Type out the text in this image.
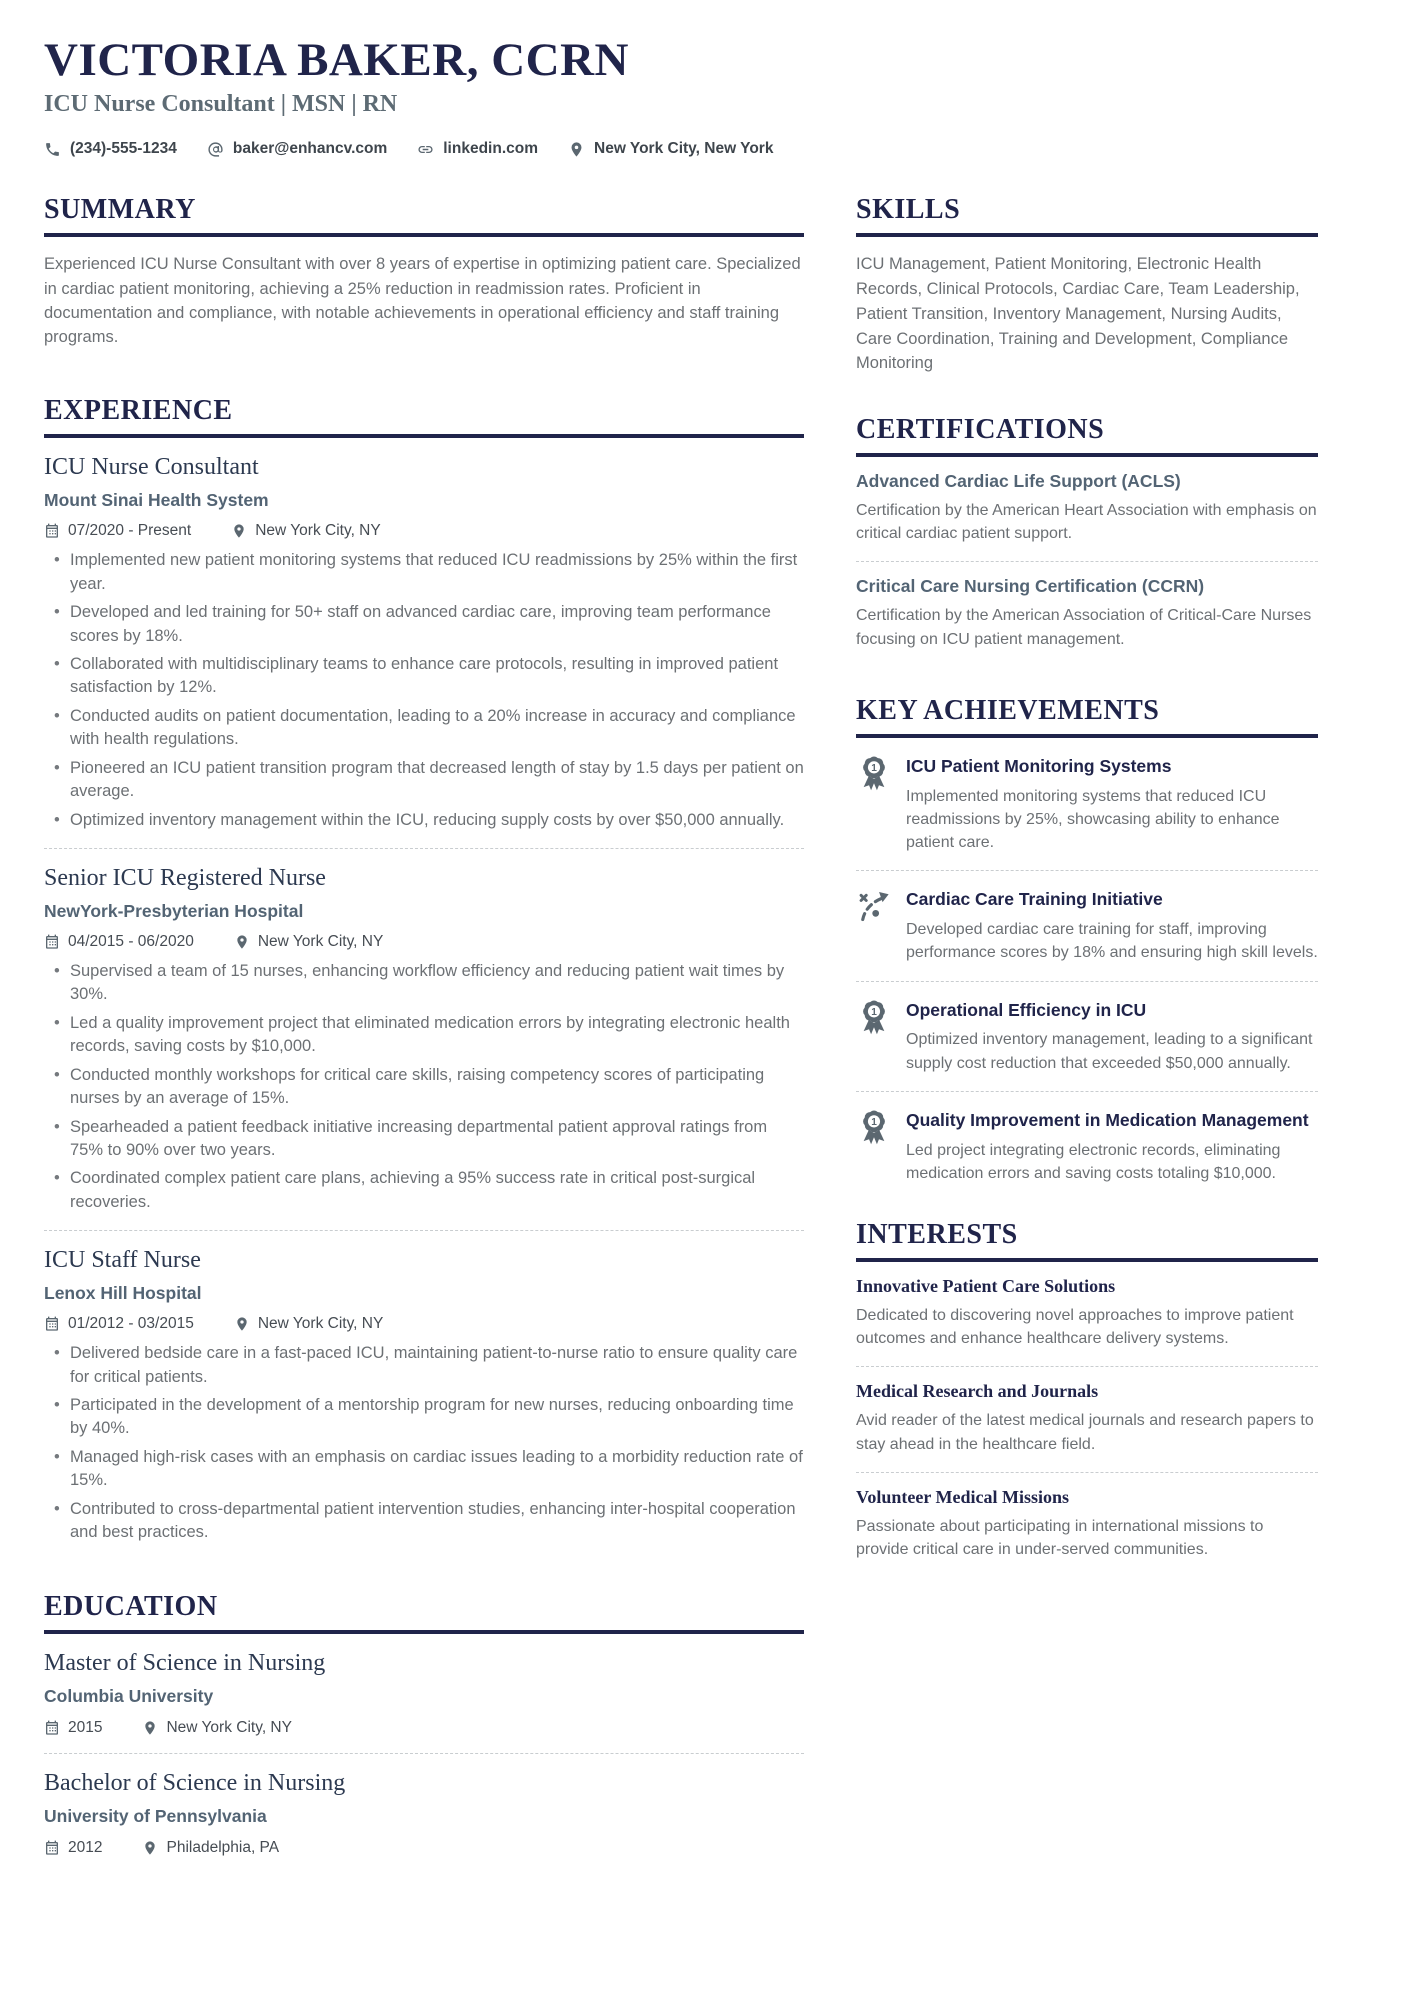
VICTORIA BAKER, CCRN
ICU Nurse Consultant | MSN | RN
(234)-555-1234	baker@enhancv.com	linkedin.com	New York City, New York
SUMMARY

Experienced ICU Nurse Consultant with over 8 years of expertise in optimizing patient care. Specialized in cardiac patient monitoring, achieving a 25% reduction in readmission rates. Proficient in documentation and compliance, with notable achievements in operational efficiency and staff training programs.

EXPERIENCE
ICU Nurse Consultant
Mount Sinai Health System
07/2020 - Present	New York City, NY
• Implemented new patient monitoring systems that reduced ICU readmissions by 25% within the first year.
• Developed and led training for 50+ staff on advanced cardiac care, improving team performance scores by 18%.
• Collaborated with multidisciplinary teams to enhance care protocols, resulting in improved patient satisfaction by 12%.
• Conducted audits on patient documentation, leading to a 20% increase in accuracy and compliance with health regulations.
• Pioneered an ICU patient transition program that decreased length of stay by 1.5 days per patient on average.
• Optimized inventory management within the ICU, reducing supply costs by over $50,000 annually.
Senior ICU Registered Nurse
NewYork-Presbyterian Hospital
04/2015 - 06/2020	New York City, NY
• Supervised a team of 15 nurses, enhancing workflow efficiency and reducing patient wait times by 30%.
• Led a quality improvement project that eliminated medication errors by integrating electronic health records, saving costs by $10,000.
• Conducted monthly workshops for critical care skills, raising competency scores of participating nurses by an average of 15%.
• Spearheaded a patient feedback initiative increasing departmental patient approval ratings from 75% to 90% over two years.
• Coordinated complex patient care plans, achieving a 95% success rate in critical post-surgical recoveries.
ICU Staff Nurse
Lenox Hill Hospital
01/2012 - 03/2015	New York City, NY
• Delivered bedside care in a fast-paced ICU, maintaining patient-to-nurse ratio to ensure quality care for critical patients.
• Participated in the development of a mentorship program for new nurses, reducing onboarding time by 40%.
• Managed high-risk cases with an emphasis on cardiac issues leading to a morbidity reduction rate of 15%.
• Contributed to cross-departmental patient intervention studies, enhancing inter-hospital cooperation and best practices.
EDUCATION
Master of Science in Nursing
Columbia University
2015	New York City, NY
Bachelor of Science in Nursing
University of Pennsylvania
2012	Philadelphia, PA
SKILLS

ICU Management, Patient Monitoring, Electronic Health Records, Clinical Protocols, Cardiac Care, Team Leadership, Patient Transition, Inventory Management, Nursing Audits, Care Coordination, Training and Development, Compliance Monitoring

CERTIFICATIONS
Advanced Cardiac Life Support (ACLS)

Certification by the American Heart Association with emphasis on critical cardiac patient support.

Critical Care Nursing Certification (CCRN)

Certification by the American Association of Critical-Care Nurses focusing on ICU patient management.

KEY ACHIEVEMENTS
ICU Patient Monitoring Systems

Implemented monitoring systems that reduced ICU readmissions by 25%, showcasing ability to enhance patient care.

Cardiac Care Training Initiative

Developed cardiac care training for staff, improving performance scores by 18% and ensuring high skill levels.

Operational Efficiency in ICU

Optimized inventory management, leading to a significant supply cost reduction that exceeded $50,000 annually.

Quality Improvement in Medication Management

Led project integrating electronic records, eliminating medication errors and saving costs totaling $10,000.

INTERESTS
Innovative Patient Care Solutions

Dedicated to discovering novel approaches to improve patient outcomes and enhance healthcare delivery systems.

Medical Research and Journals

Avid reader of the latest medical journals and research papers to stay ahead in the healthcare field.

Volunteer Medical Missions

Passionate about participating in international missions to provide critical care in under-served communities.
